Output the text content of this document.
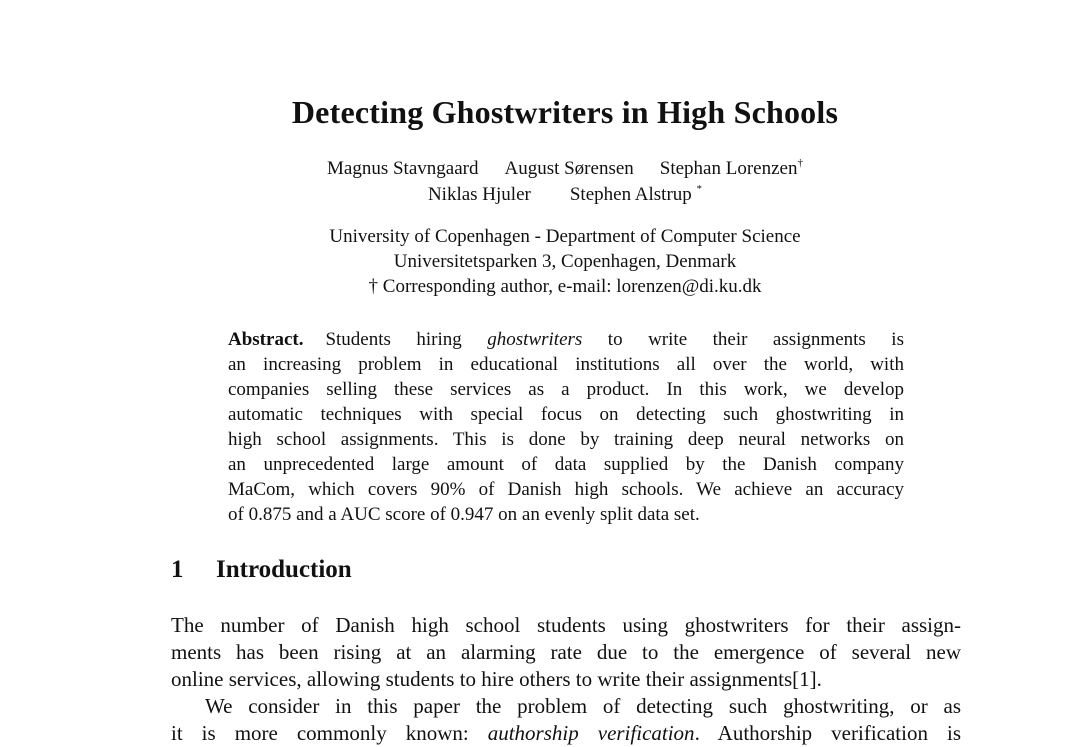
Detecting Ghostwriters in High Schools
Magnus Stavngaard August Sørensen Stephan Lorenzen†
Niklas Hjuler Stephen Alstrup *
University of Copenhagen - Department of Computer Science
Universitetsparken 3, Copenhagen, Denmark
† Corresponding author, e-mail: lorenzen@di.ku.dk
Abstract. Students hiring ghostwriters to write their assignments is
an increasing problem in educational institutions all over the world, with
companies selling these services as a product. In this work, we develop
automatic techniques with special focus on detecting such ghostwriting in
high school assignments. This is done by training deep neural networks on
an unprecedented large amount of data supplied by the Danish company
MaCom, which covers 90% of Danish high schools. We achieve an accuracy
of 0.875 and a AUC score of 0.947 on an evenly split data set.
1 Introduction
The number of Danish high school students using ghostwriters for their assign-
ments has been rising at an alarming rate due to the emergence of several new
online services, allowing students to hire others to write their assignments[1].
We consider in this paper the problem of detecting such ghostwriting, or as
it is more commonly known: authorship verification. Authorship verification is
